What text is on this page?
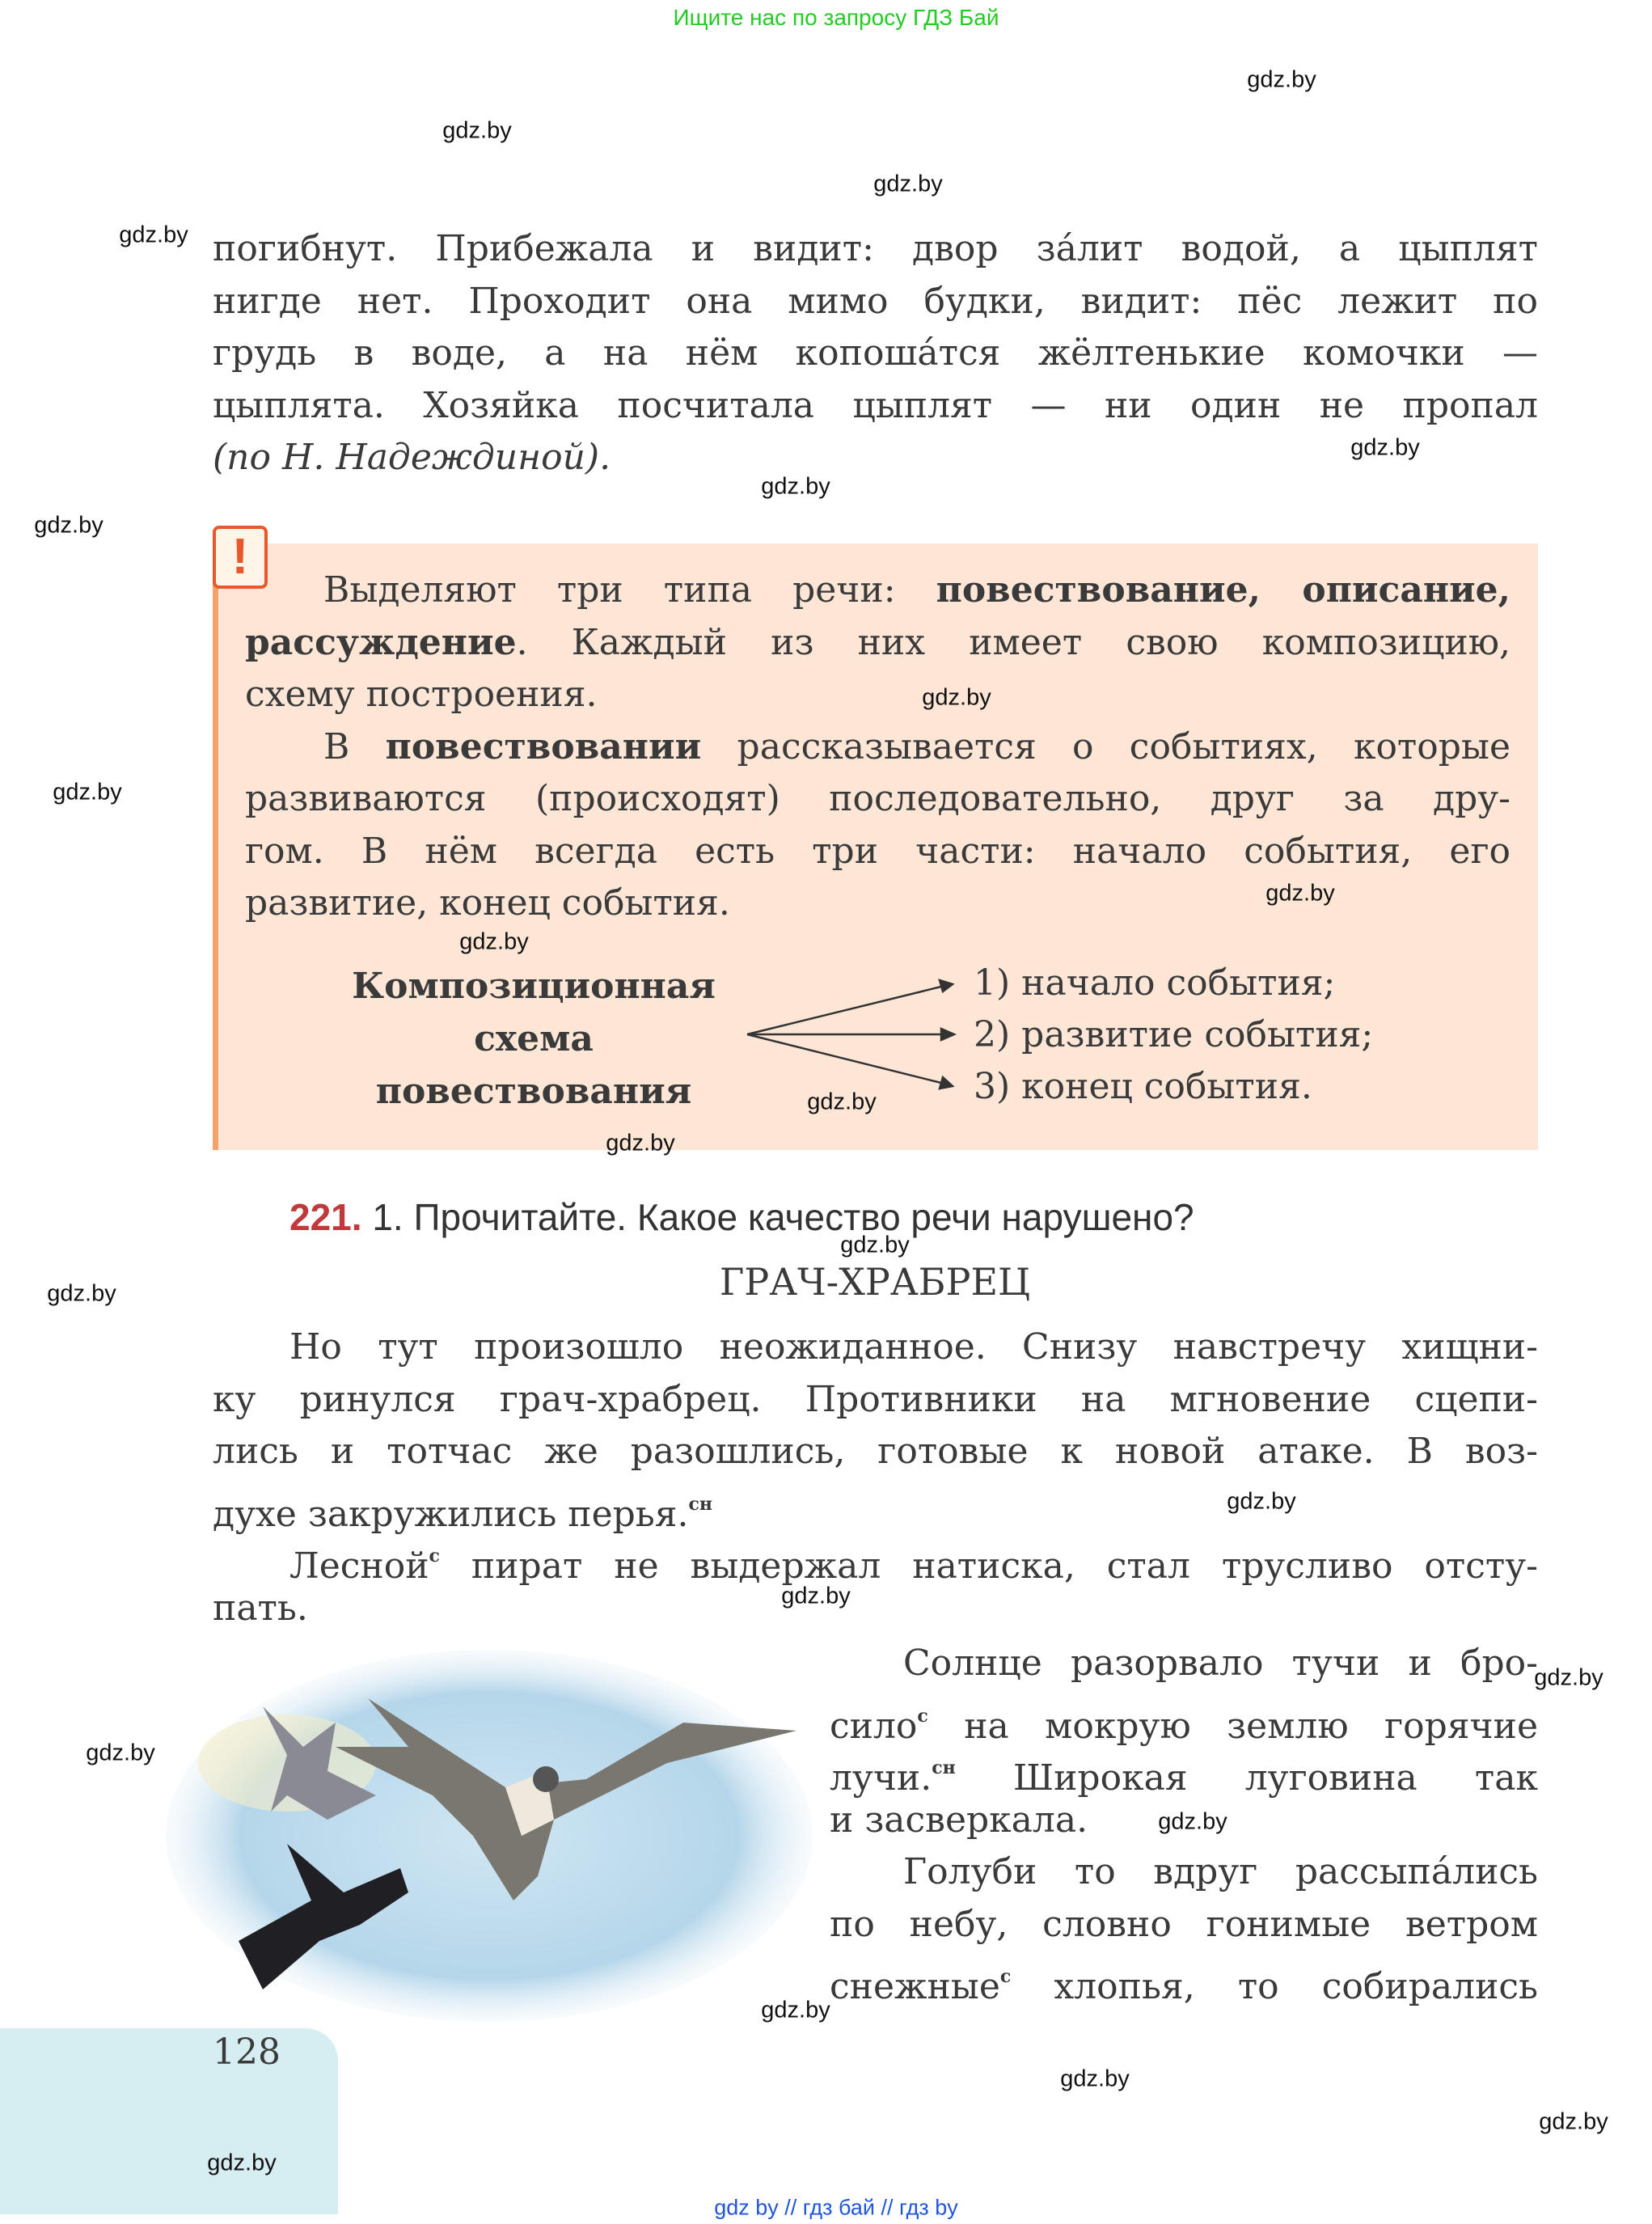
Ищите нас по запросу ГДЗ Бай
погибнут. Прибежала и видит: двор за́лит водой, а цыплят
нигде нет. Проходит она мимо будки, видит: пёс лежит по
грудь в воде, а на нём копоша́тся жёлтенькие комочки —
цыплята. Хозяйка посчитала цыплят — ни один не пропал
(по Н. Надеждиной).
!
Выделяют три типа речи: повествование, описание,
рассуждение. Каждый из них имеет свою композицию,
схему построения.
В повествовании рассказывается о событиях, которые
развиваются (происходят) последовательно, друг за дру-
гом. В нём всегда есть три части: начало события, его
развитие, конец события.
Композиционная
схема
повествования
1) начало события;
2) развитие события;
3) конец события.
221. 1. Прочитайте. Какое качество речи нарушено?
ГРАЧ-ХРАБРЕЦ
Но тут произошло неожиданное. Снизу навстречу хищни-
ку ринулся грач-храбрец. Противники на мгновение сцепи-
лись и тотчас же разошлись, готовые к новой атаке. В воз-
духе закружились перья.$^{сн}$
Лесной$^с$ пират не выдержал натиска, стал трусливо отсту-
пать.
Солнце разорвало тучи и бро-
сило$^с$ на мокрую землю горячие
лучи.$^{сн}$ Широкая луговина так
и засверкала.
Голуби то вдруг рассыпа́лись
по небу, словно гонимые ветром
снежные$^с$ хлопья, то собирались
128
gdz.by
gdz.by
gdz.by
gdz.by
gdz.by
gdz.by
gdz.by
gdz.by
gdz.by
gdz.by
gdz.by
gdz.by
gdz.by
gdz.by
gdz.by
gdz.by
gdz.by
gdz.by
gdz.by
gdz.by
gdz.by
gdz.by
gdz.by
gdz.by
gdz by // гдз бай // гдз by
